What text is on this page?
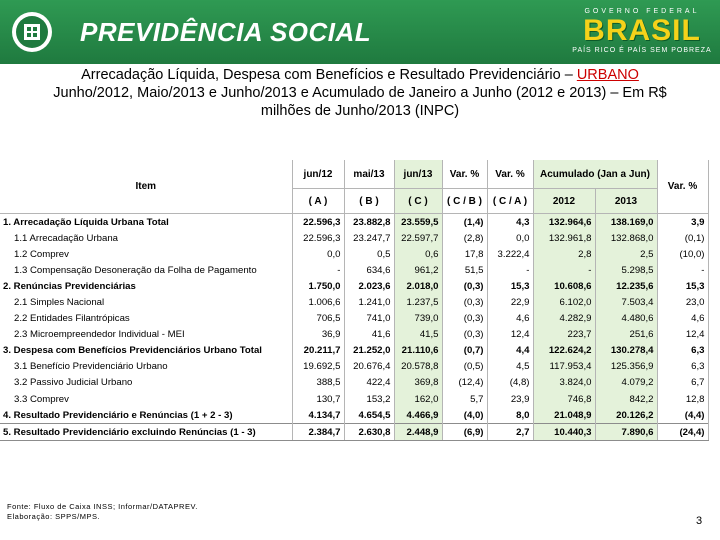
PREVIDÊNCIA SOCIAL
GOVERNO FEDERAL
BRASIL
PAÍS RICO É PAÍS SEM POBREZA
Arrecadação Líquida, Despesa com Benefícios e Resultado Previdenciário – URBANO
Junho/2012, Maio/2013 e Junho/2013 e Acumulado de Janeiro a Junho (2012 e 2013) – Em R$
milhões de Junho/2013 (INPC)
Item	jun/12	mai/13	jun/13	Var. %	Var. %	Acumulado (Jan a Jun)		Var. %
	( A )	( B )	( C )	( C / B )	( C / A )	2012	2013	
1. Arrecadação Líquida Urbana Total	22.596,3	23.882,8	23.559,5	(1,4)	4,3	132.964,6	138.169,0	3,9
1.1 Arrecadação Urbana	22.596,3	23.247,7	22.597,7	(2,8)	0,0	132.961,8	132.868,0	(0,1)
1.2 Comprev	0,0	0,5	0,6	17,8	3.222,4	2,8	2,5	(10,0)
1.3 Compensação Desoneração da Folha de Pagamento	-	634,6	961,2	51,5	-	-	5.298,5	-
2. Renúncias Previdenciárias	1.750,0	2.023,6	2.018,0	(0,3)	15,3	10.608,6	12.235,6	15,3
2.1 Simples Nacional	1.006,6	1.241,0	1.237,5	(0,3)	22,9	6.102,0	7.503,4	23,0
2.2 Entidades Filantrópicas	706,5	741,0	739,0	(0,3)	4,6	4.282,9	4.480,6	4,6
2.3 Microempreendedor Individual - MEI	36,9	41,6	41,5	(0,3)	12,4	223,7	251,6	12,4
3. Despesa com Benefícios Previdenciários Urbano Total	20.211,7	21.252,0	21.110,6	(0,7)	4,4	122.624,2	130.278,4	6,3
3.1 Benefício Previdenciário Urbano	19.692,5	20.676,4	20.578,8	(0,5)	4,5	117.953,4	125.356,9	6,3
3.2 Passivo Judicial Urbano	388,5	422,4	369,8	(12,4)	(4,8)	3.824,0	4.079,2	6,7
3.3 Comprev	130,7	153,2	162,0	5,7	23,9	746,8	842,2	12,8
4. Resultado Previdenciário e Renúncias (1 + 2 - 3)	4.134,7	4.654,5	4.466,9	(4,0)	8,0	21.048,9	20.126,2	(4,4)
5. Resultado Previdenciário excluindo Renúncias (1 - 3)	2.384,7	2.630,8	2.448,9	(6,9)	2,7	10.440,3	7.890,6	(24,4)
Fonte: Fluxo de Caixa INSS; Informar/DATAPREV.
Elaboração: SPPS/MPS.	3
